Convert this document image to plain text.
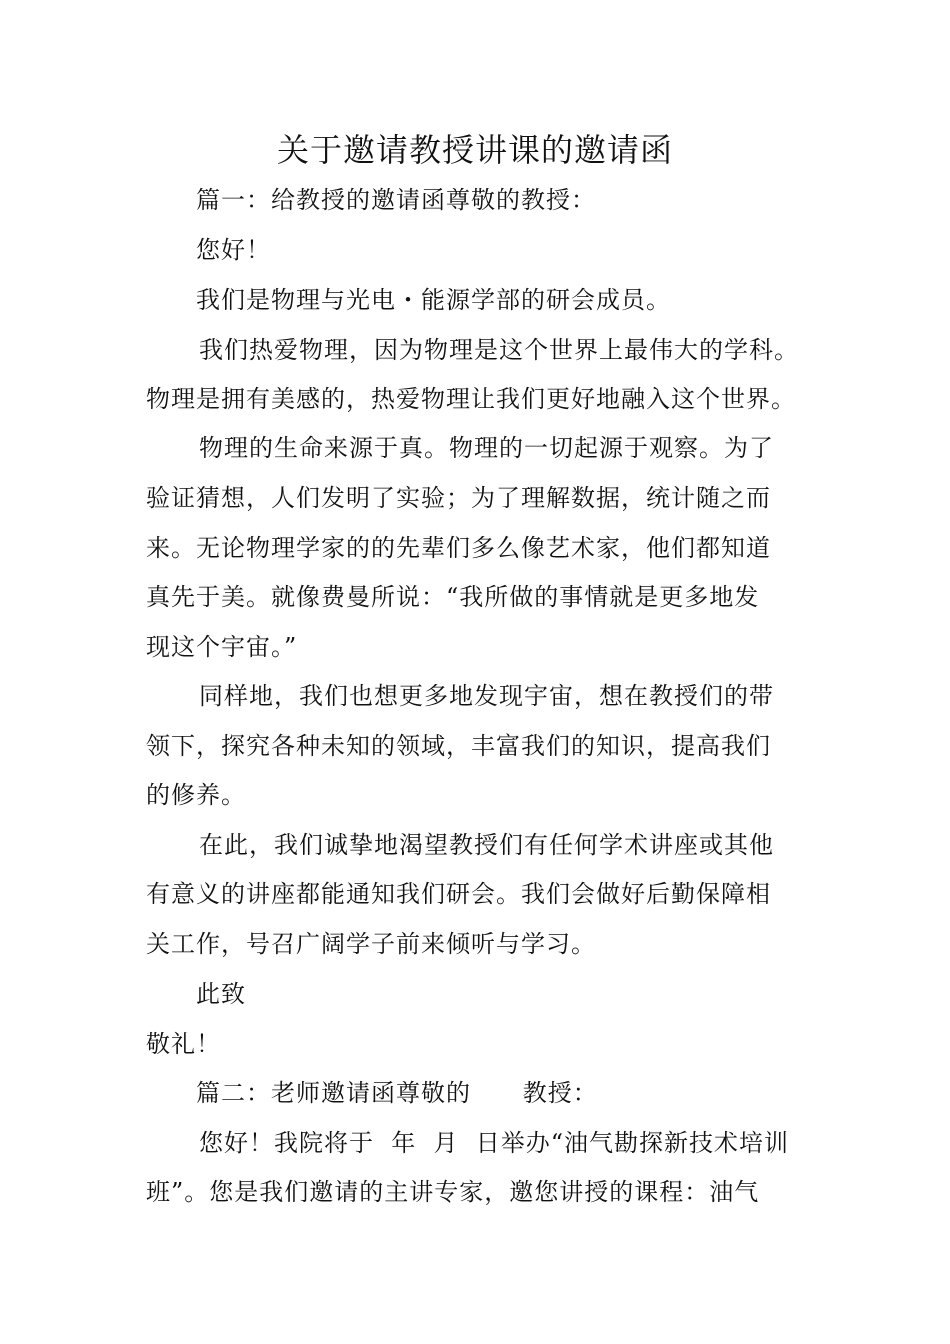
关于邀请教授讲课的邀请函
篇一：给教授的邀请函尊敬的教授：
您好！
我们是物理与光电・能源学部的研会成员。
我们热爱物理，因为物理是这个世界上最伟大的学科。
物理是拥有美感的，热爱物理让我们更好地融入这个世界。
物理的生命来源于真。物理的一切起源于观察。为了
验证猜想，人们发明了实验；为了理解数据，统计随之而
来。无论物理学家的的先辈们多么像艺术家，他们都知道
真先于美。就像费曼所说：“我所做的事情就是更多地发
现这个宇宙。”
同样地，我们也想更多地发现宇宙，想在教授们的带
领下，探究各种未知的领域，丰富我们的知识，提高我们
的修养。
在此，我们诚挚地渴望教授们有任何学术讲座或其他
有意义的讲座都能通知我们研会。我们会做好后勤保障相
关工作，号召广阔学子前来倾听与学习。
此致
敬礼！
篇二：老师邀请函尊敬的      教授：
您好！我院将于  年  月  日举办“油气勘探新技术培训
班”。您是我们邀请的主讲专家，邀您讲授的课程：油气
